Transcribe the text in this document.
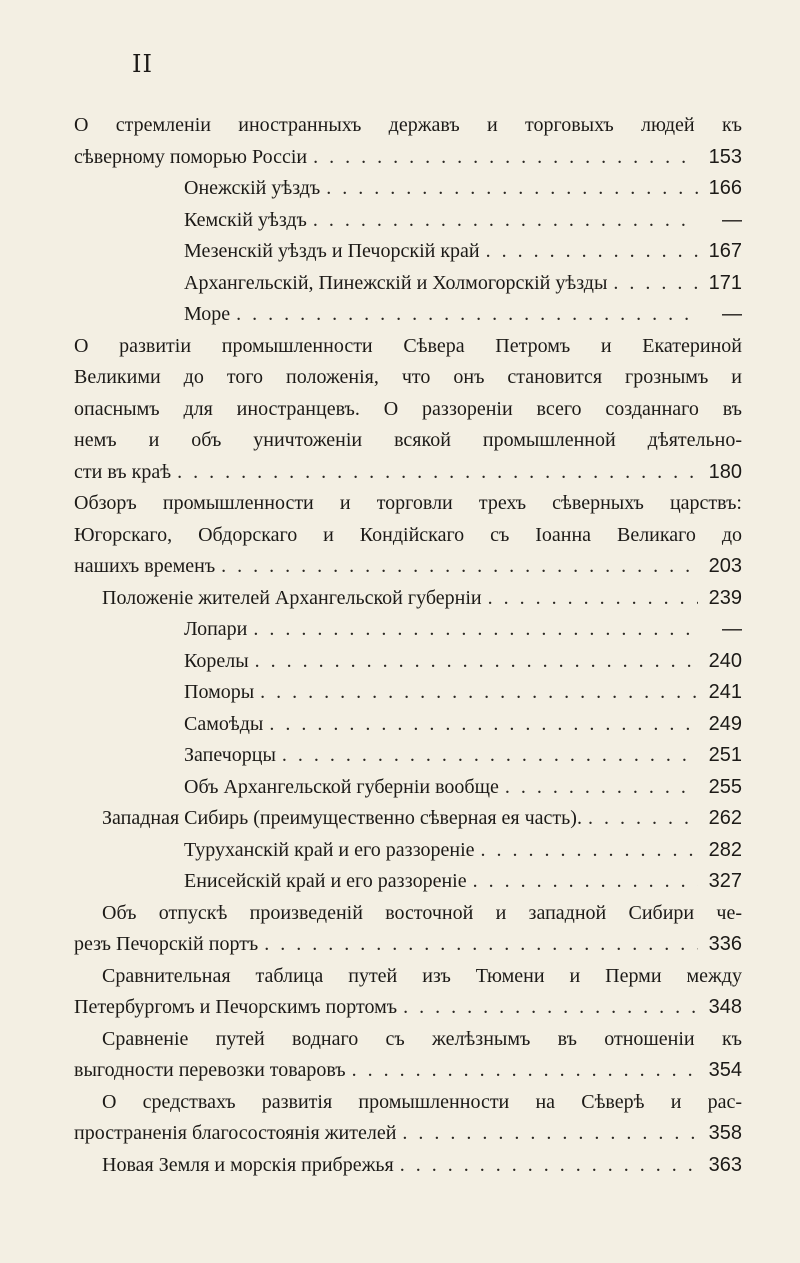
II
О стремленіи иностранныхъ державъ и торговыхъ людей къ
сѣверному поморью Россіи . . .	153
Онежскій уѣздъ . . .	166
Кемскій уѣздъ . . .	—
Мезенскій уѣздъ и Печорскій край . . .	167
Архангельскій, Пинежскій и Холмогорскій уѣзды . . .	171
Море . . .	—
О развитіи промышленности Сѣвера Петромъ и Екатериной
Великими до того положенія, что онъ становится грознымъ и
опаснымъ для иностранцевъ. О раззореніи всего созданнаго въ
немъ и объ уничтоженіи всякой промышленной дѣятельно-
сти въ краѣ . . .	180
Обзоръ промышленности и торговли трехъ сѣверныхъ царствъ:
Югорскаго, Обдорскаго и Кондійскаго съ Іоанна Великаго до
нашихъ временъ . . .	203
Положеніе жителей Архангельской губерніи . . .	239
Лопари . . .	—
Корелы . . .	240
Поморы . . .	241
Самоѣды . . .	249
Запечорцы . . .	251
Объ Архангельской губерніи вообще . . .	255
Западная Сибирь (преимущественно сѣверная ея часть). . . .	262
Туруханскій край и его раззореніе . . .	282
Енисейскій край и его раззореніе . . .	327
Объ отпускѣ произведеній восточной и западной Сибири че-
резъ Печорскій портъ . . .	336
Сравнительная таблица путей изъ Тюмени и Перми между
Петербургомъ и Печорскимъ портомъ . . .	348
Сравненіе путей воднаго съ желѣзнымъ въ отношеніи къ
выгодности перевозки товаровъ . . .	354
О средствахъ развитія промышленности на Сѣверѣ и рас-
пространенія благосостоянія жителей . . .	358
Новая Земля и морскія прибрежья . . .	363
